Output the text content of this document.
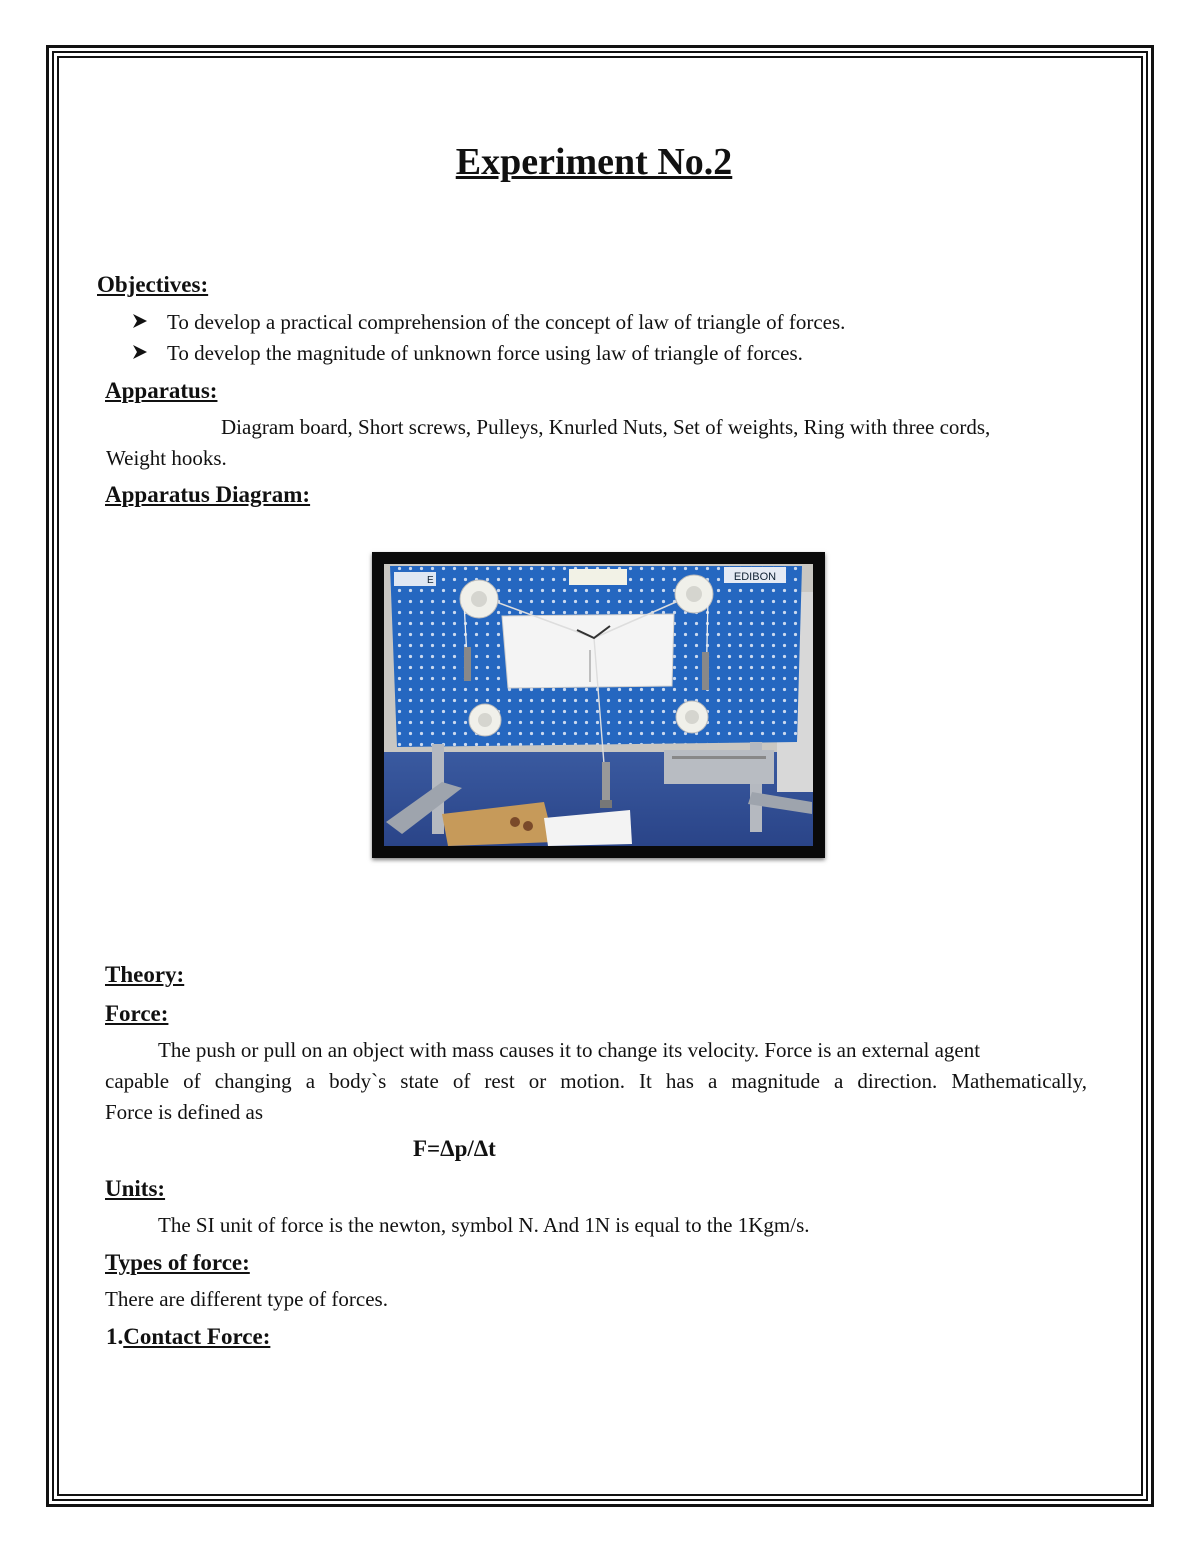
Experiment No.2
Objectives:
To develop a practical comprehension of the concept of law of triangle of forces.
To develop the magnitude of unknown force using law of triangle of forces.
Apparatus:
Diagram board, Short screws, Pulleys, Knurled Nuts, Set of weights, Ring with three cords,
Weight hooks.
Apparatus Diagram:
E	EDIBON
Theory:
Force:
The push or pull on an object with mass causes it to change its velocity. Force is an external agent
capable of changing a body`s state of rest or motion. It has a magnitude a direction. Mathematically,
Force is defined as
F=Δp/Δt
Units:
The SI unit of force is the newton, symbol N. And 1N is equal to the 1Kgm/s.
Types of force:
There are different type of forces.
1.Contact Force:
